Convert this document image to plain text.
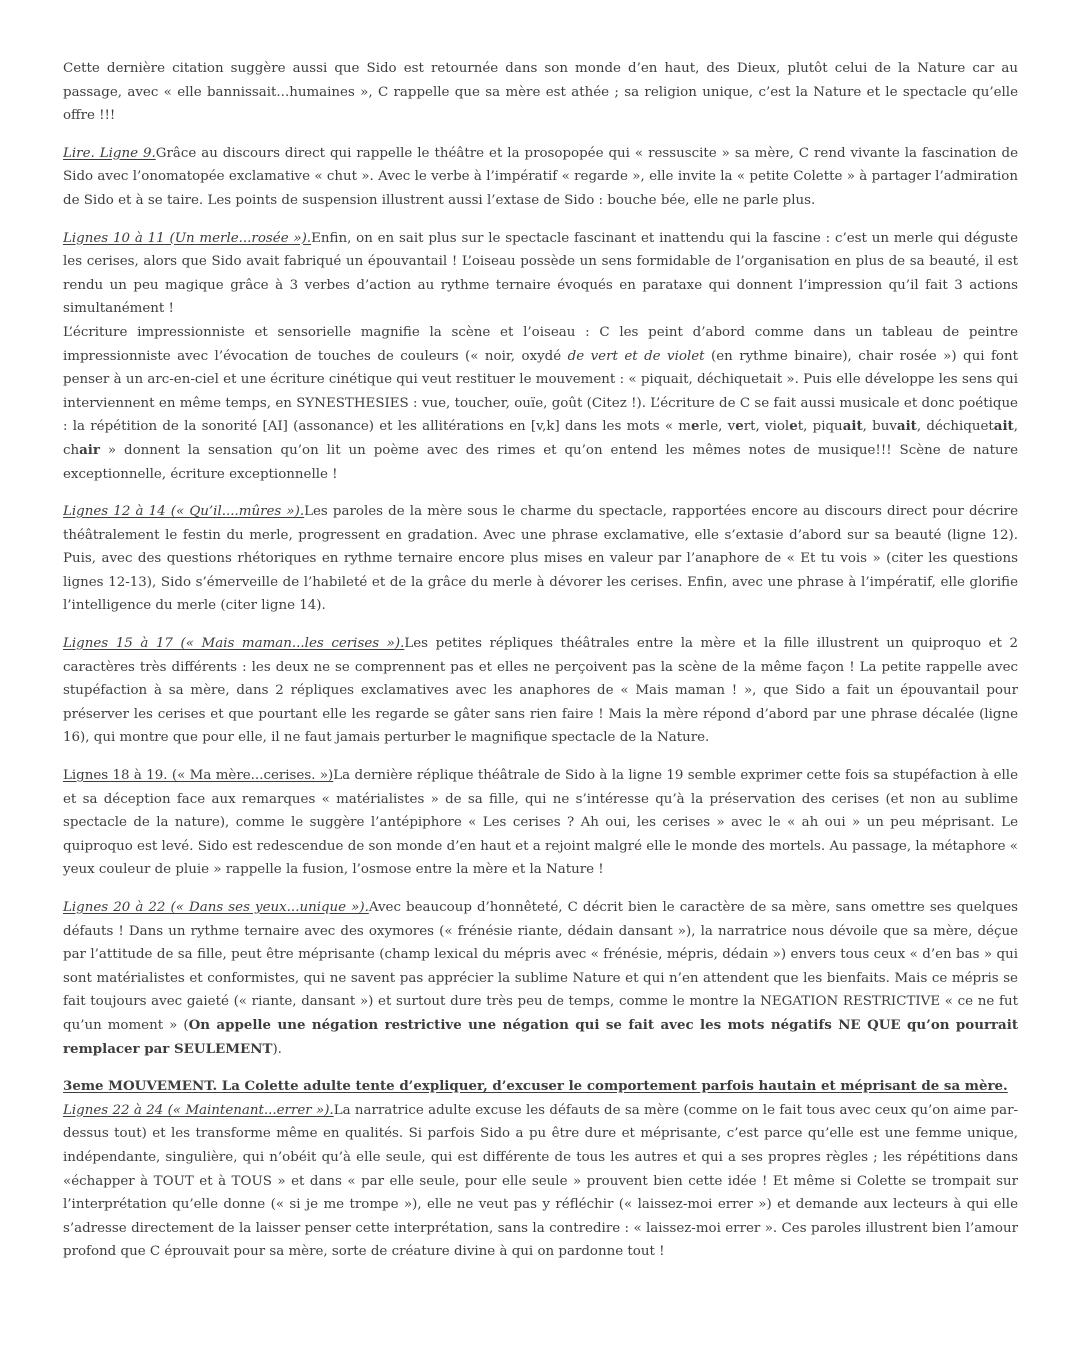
Cette dernière citation suggère aussi que Sido est retournée dans son monde d’en haut, des Dieux, plutôt celui de la Nature car au passage, avec « elle bannissait...humaines », C rappelle que sa mère est athée ; sa religion unique, c’est la Nature et le spectacle qu’elle offre !!!

Lire. Ligne 9.Grâce au discours direct qui rappelle le théâtre et la prosopopée qui « ressuscite » sa mère, C rend vivante la fascination de Sido avec l’onomatopée exclamative « chut ». Avec le verbe à l’impératif « regarde », elle invite la « petite Colette » à partager l’admiration de Sido et à se taire. Les points de suspension illustrent aussi l’extase de Sido : bouche bée, elle ne parle plus.

Lignes 10 à 11 (Un merle...rosée »).Enfin, on en sait plus sur le spectacle fascinant et inattendu qui la fascine : c’est un merle qui déguste les cerises, alors que Sido avait fabriqué un épouvantail ! L’oiseau possède un sens formidable de l’organisation en plus de sa beauté, il est rendu un peu magique grâce à 3 verbes d’action au rythme ternaire évoqués en parataxe qui donnent l’impression qu’il fait 3 actions simultanément !

L’écriture impressionniste et sensorielle magnifie la scène et l’oiseau : C les peint d’abord comme dans un tableau de peintre impressionniste avec l’évocation de touches de couleurs (« noir, oxydé de vert et de violet (en rythme binaire), chair rosée ») qui font penser à un arc-en-ciel et une écriture cinétique qui veut restituer le mouvement : « piquait, déchiquetait ». Puis elle développe les sens qui interviennent en même temps, en SYNESTHESIES : vue, toucher, ouïe, goût (Citez !). L’écriture de C se fait aussi musicale et donc poétique : la répétition de la sonorité [AI] (assonance) et les allitérations en [v,k] dans les mots « merle, vert, violet, piquait, buvait, déchiquetait, chair » donnent la sensation qu’on lit un poème avec des rimes et qu’on entend les mêmes notes de musique!!! Scène de nature exceptionnelle, écriture exceptionnelle !

Lignes 12 à 14 (« Qu’il....mûres »).Les paroles de la mère sous le charme du spectacle, rapportées encore au discours direct pour décrire théâtralement le festin du merle, progressent en gradation. Avec une phrase exclamative, elle s’extasie d’abord sur sa beauté (ligne 12). Puis, avec des questions rhétoriques en rythme ternaire encore plus mises en valeur par l’anaphore de « Et tu vois » (citer les questions lignes 12-13), Sido s’émerveille de l’habileté et de la grâce du merle à dévorer les cerises. Enfin, avec une phrase à l’impératif, elle glorifie l’intelligence du merle (citer ligne 14).

Lignes 15 à 17 (« Mais maman...les cerises »).Les petites répliques théâtrales entre la mère et la fille illustrent un quiproquo et 2 caractères très différents : les deux ne se comprennent pas et elles ne perçoivent pas la scène de la même façon ! La petite rappelle avec stupéfaction à sa mère, dans 2 répliques exclamatives avec les anaphores de « Mais maman ! », que Sido a fait un épouvantail pour préserver les cerises et que pourtant elle les regarde se gâter sans rien faire ! Mais la mère répond d’abord par une phrase décalée (ligne 16), qui montre que pour elle, il ne faut jamais perturber le magnifique spectacle de la Nature.

Lignes 18 à 19. (« Ma mère...cerises. »)La dernière réplique théâtrale de Sido à la ligne 19 semble exprimer cette fois sa stupéfaction à elle et sa déception face aux remarques « matérialistes » de sa fille, qui ne s’intéresse qu’à la préservation des cerises (et non au sublime spectacle de la nature), comme le suggère l’antépiphore « Les cerises ? Ah oui, les cerises » avec le « ah oui » un peu méprisant. Le quiproquo est levé. Sido est redescendue de son monde d’en haut et a rejoint malgré elle le monde des mortels. Au passage, la métaphore « yeux couleur de pluie » rappelle la fusion, l’osmose entre la mère et la Nature !

Lignes 20 à 22 (« Dans ses yeux...unique »).Avec beaucoup d’honnêteté, C décrit bien le caractère de sa mère, sans omettre ses quelques défauts ! Dans un rythme ternaire avec des oxymores (« frénésie riante, dédain dansant »), la narratrice nous dévoile que sa mère, déçue par l’attitude de sa fille, peut être méprisante (champ lexical du mépris avec « frénésie, mépris, dédain ») envers tous ceux « d’en bas » qui sont matérialistes et conformistes, qui ne savent pas apprécier la sublime Nature et qui n’en attendent que les bienfaits. Mais ce mépris se fait toujours avec gaieté (« riante, dansant ») et surtout dure très peu de temps, comme le montre la NEGATION RESTRICTIVE « ce ne fut qu’un moment » (On appelle une négation restrictive une négation qui se fait avec les mots négatifs NE QUE qu’on pourrait remplacer par SEULEMENT).

3eme MOUVEMENT. La Colette adulte tente d’expliquer, d’excuser le comportement parfois hautain et méprisant de sa mère.

Lignes 22 à 24 (« Maintenant...errer »).La narratrice adulte excuse les défauts de sa mère (comme on le fait tous avec ceux qu’on aime par-dessus tout) et les transforme même en qualités. Si parfois Sido a pu être dure et méprisante, c’est parce qu’elle est une femme unique, indépendante, singulière, qui n’obéit qu’à elle seule, qui est différente de tous les autres et qui a ses propres règles ; les répétitions dans «échapper à TOUT et à TOUS » et dans « par elle seule, pour elle seule » prouvent bien cette idée ! Et même si Colette se trompait sur l’interprétation qu’elle donne (« si je me trompe »), elle ne veut pas y réfléchir (« laissez-moi errer ») et demande aux lecteurs à qui elle s’adresse directement de la laisser penser cette interprétation, sans la contredire : « laissez-moi errer ». Ces paroles illustrent bien l’amour profond que C éprouvait pour sa mère, sorte de créature divine à qui on pardonne tout !
